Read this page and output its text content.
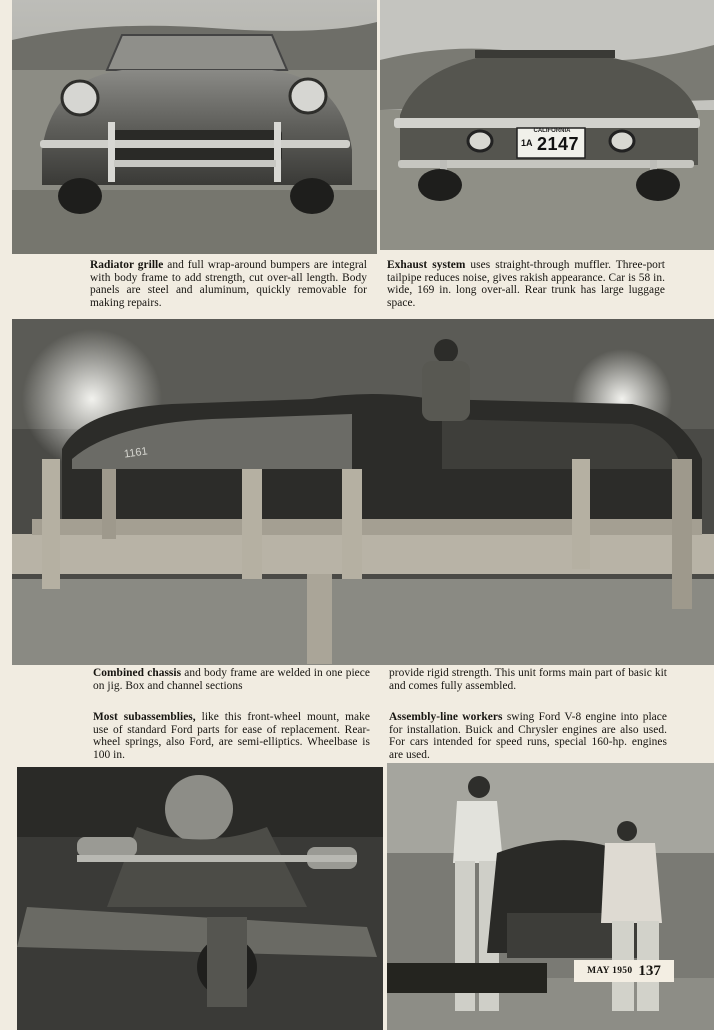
CALIFORNIA
1A 2147
Radiator grille and full wrap-around bumpers are integral with body frame to add strength, cut over-all length. Body panels are steel and aluminum, quickly removable for making repairs.
Exhaust system uses straight-through muffler. Three-port tailpipe reduces noise, gives rakish appearance. Car is 58 in. wide, 169 in. long over-all. Rear trunk has large luggage space.
1161
Combined chassis and body frame are welded in one piece on jig. Box and channel sections
provide rigid strength. This unit forms main part of basic kit and comes fully assembled.
Most subassemblies, like this front-wheel mount, make use of standard Ford parts for ease of replacement. Rear-wheel springs, also Ford, are semi-elliptics. Wheelbase is 100 in.
Assembly-line workers swing Ford V-8 engine into place for installation. Buick and Chrysler engines are also used. For cars intended for speed runs, special 160-hp. engines are used.
MAY 1950 137
